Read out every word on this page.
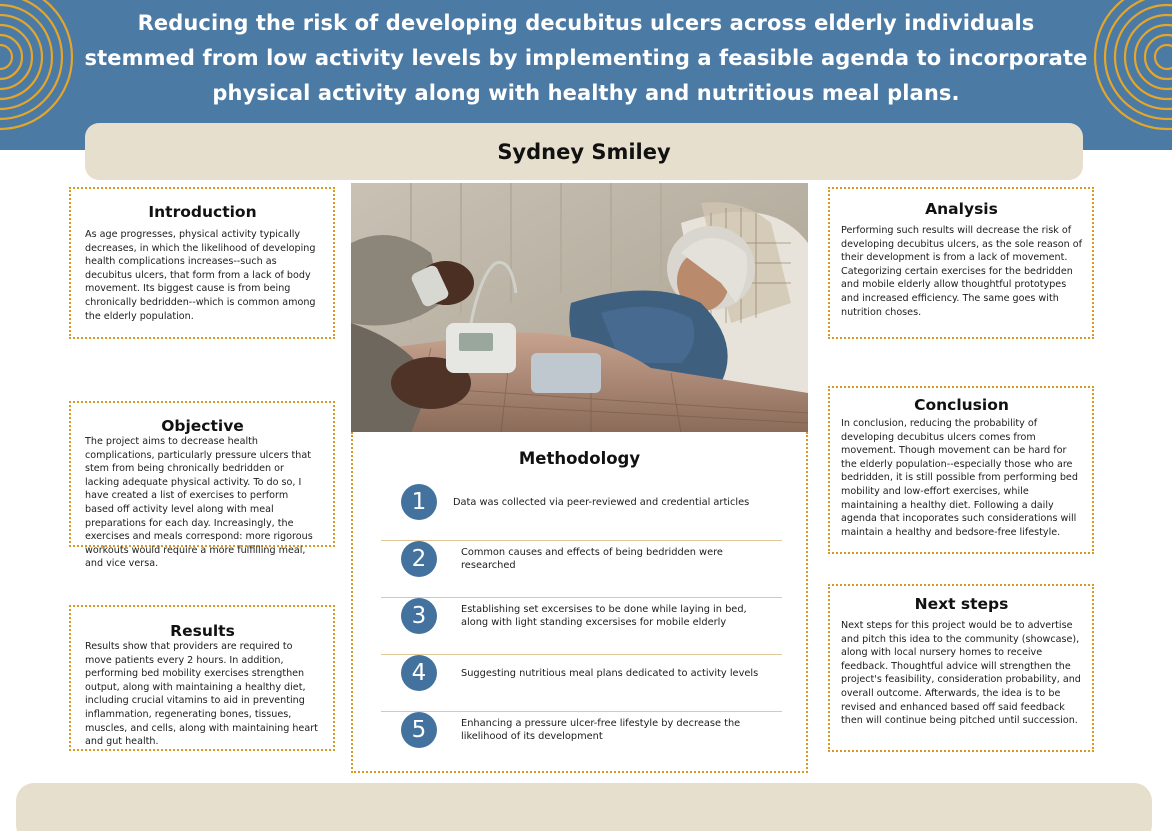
Reducing the risk of developing decubitus ulcers across elderly individuals stemmed from low activity levels by implementing a feasible agenda to incorporate physical activity along with healthy and nutritious meal plans.
Sydney Smiley
Introduction

As age progresses, physical activity typically decreases, in which the likelihood of developing health complications increases--such as decubitus ulcers, that form from a lack of body movement. Its biggest cause is from being chronically bedridden--which is common among the elderly population.

Objective

The project aims to decrease health complications, particularly pressure ulcers that stem from being chronically bedridden or lacking adequate physical activity. To do so, I have created a list of exercises to perform based off activity level along with meal preparations for each day. Increasingly, the exercises and meals correspond: more rigorous workouts would require a more fulfilling meal, and vice versa.

Results

Results show that providers are required to move patients every 2 hours. In addition, performing bed mobility exercises strengthen output, along with maintaining a healthy diet, including crucial vitamins to aid in preventing inflammation, regenerating bones, tissues, muscles, and cells, along with maintaining heart and gut health.

Methodology
1	Data was collected via peer-reviewed and credential articles
2	Common causes and effects of being bedridden were researched
3	Establishing set excersises to be done while laying in bed, along with light standing excersises for mobile elderly
4	Suggesting nutritious meal plans dedicated to activity levels
5	Enhancing a pressure ulcer-free lifestyle by decrease the likelihood of its development
Analysis

Performing such results will decrease the risk of developing decubitus ulcers, as the sole reason of their development is from a lack of movement. Categorizing certain exercises for the bedridden and mobile elderly allow thoughtful prototypes and increased efficiency. The same goes with nutrition choses.

Conclusion

In conclusion, reducing the probability of developing decubitus ulcers comes from movement. Though movement can be hard for the elderly population--especially those who are bedridden, it is still possible from performing bed mobility and low-effort exercises, while maintaining a healthy diet. Following a daily agenda that incoporates such considerations will maintain a healthy and bedsore-free lifestyle.

Next steps

Next steps for this project would be to advertise and pitch this idea to the community (showcase), along with local nursery homes to receive feedback. Thoughtful advice will strengthen the project's feasibility, consideration probability, and overall outcome. Afterwards, the idea is to be revised and enhanced based off said feedback then will continue being pitched until succession.
